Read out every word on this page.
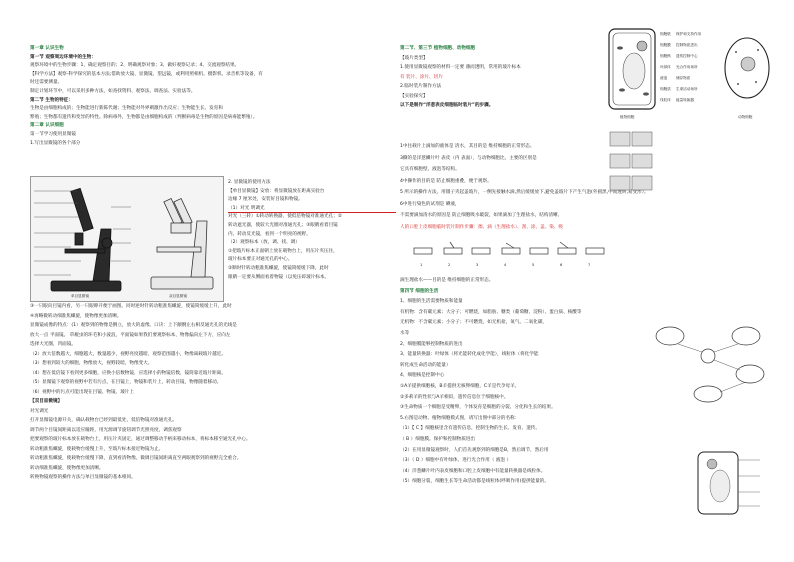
第一章 认识生物
第一节 观察周边环境中的生物：
观察环境中的生物步骤：1、确定观察目的；2、明确观察对象；3、做好观察记录；4、交流观察结果。
【科学方法】观察-科学探究的基本方法;借助放大镜、显微镜、望远镜，或利用照相机、摄影机、录音机等设备，有
时还需要测量。
制定计划环节中，可以采用多种方法，如查找资料、观察法、调查法、实验法等。
第二节 生物的特征：
生物是由细胞构成的；生物能进行新陈代谢；生物能对外界刺激作出反应；生物能生长、发育和
繁殖；生物都有遗传和变异的特性。除病毒外，生物都是由细胞构成的（判断病毒是生物的原因是病毒能繁殖）。
第二章 认识细胞
第一节学习使用显微镜
1.写出显微镜的各个部分
单目显微镜	双目显微镜
2. 显微镜的使用方法
【单目显微镜】安放：将显微镜放在距离实验台
边缘 7 厘米处，安装好目镜和物镜。
（1）对光 明调光
对光（三转）①转动转换器，使低倍物镜对准通光孔；②
转动遮光器，使较大光圈对准通光孔；③眼睛看着目镜
内，转动反光镜，看到一个明亮的视野。
（2）观察标本（放、调、找、调）
①把玻片标本正面朝上放在载物台上，用压片夹压住，
玻片标本要正对通光孔的中心。
②顺时针转动粗准焦螺旋，使镜筒缓缓下降，此时
眼睛一定要从侧面看着物镜（以免压碎玻片标本。
③一只眼向目镜内看，另一只眼睁开便于画图。同时逆时针转动粗准焦螺旋，使镜筒缓缓上升，此时
④再略微转动细准焦螺旋，使物像更加清晰。
显微镜成像的特点：(1）观察到的物像是倒立，放大的虚像。口诀：上下颠倒左右相反通光孔的光线是
放大一点 平面镜。 草履虫的环毛和小波浪，平面镜如果我们要观察标本，物像偏向左下方，应向左
选择大光圈，凹面镜。
（2）放大倍数越大，细胞越大，数量越少，视野亮度越暗，观察范围越小，物像离载玻片越近。
（3）想看到较大的细胞，物像放大，视野较暗，物像变大。
（4）想在低倍镜下看到更多细胞，应换小倍数物镜，应选择小的物镜倍数，镜筒靠近玻片距离。
（5）显微镜下观察的视野中若有污点，在目镜上，物镜和装片上，转动目镜，物像随着移动。
（6）视野中的污点可能出现在目镜、物镜、玻片上
【双目显微镜】
对光调光
打开显微镜电源开关，确认载物台已经到最低处，低倍物镜对准通光孔。
调节两个目镜间距离以适应瞳距，用光源调节旋钮调节光照亮度，调焦观察
把要观察的玻片标本放在载物台上，用压片夹固定，通过调整移动手柄来移动标本，将标本移至通光孔中心。
转动粗准焦螺旋，使载物台缓慢上升，至玻片标本接近物镜为止。
转动粗准焦螺旋，使载物台缓慢下降，直到看清物像。微调目镜间距离直至两眼观察到的视野完全重合。
转动细准焦螺旋，使物像更加清晰。
转换物镜观察的操作方法与单目显微镜的基本相同。
第二节、第三节 植物细胞、动物细胞
【玻片类型】
1.使用显微镜观察的材料一定要 薄而透明，常用的玻片标本
有 装片、涂片、切片
2.临时装片制作方法
【实验探究】
以下是制作“洋葱表皮细胞临时装片”的步骤。
1中往载片上滴加的液体是 清水，其目的是 维持细胞的正常形态。
3撕的是洋葱鳞片叶 表皮（内 表面），与动物细胞比，主要的区别是
它具有细胞壁、液泡等结构。
4中操作的目的是 防止细胞重叠，便于观察。
5 所示的操作方法，用镊子夹起盖玻片，一侧先接触水滴,然后缓缓放下,避免盖玻片下产生气泡(外圆黑,中间透明,易变形）。
6中进行染色的试剂是 碘液，
不需要滴加清水的原因是 防止细胞吸水破裂，如果滴加了生理盐水，结构清晰。
人的口腔上皮细胞临时装片制作步骤：擦、滴（生理盐水）、刮、涂、盖、染、吸
滴生理盐水——目的是 维持细胞的正常形态。
第四节 细胞的生活
1、细胞的生活需要物质和能量
有机物：含有碳元素；大分子；可燃烧，如脂肪、糖类（葡萄糖、淀粉）、蛋白质、核酸等
无机物：不含碳元素；小分子；不可燃烧，如无机盐、氧气、二氧化碳、
水等
2、细胞膜能够控制物质的进出
3、能量转换器：叶绿体（将光能转化成化学能），线粒体（将化学能
转化成生命活动的能量）
4、细胞核是控制中心
①A羊提供细胞核，B羊提供无核卵细胞，C羊是代孕母羊。
②多莉羊的性状与A羊相似，遗传信息位于细胞核中。
③生命物质一个细胞是受精卵，个体发育是细胞的分裂、分化和生长的结果。
5.右图是动物、植物细胞模式图，请写出图中部分的名称：
（1）【 C 】细胞核里含有遗传信息，控制生物的生长、发育、遗传。
（ B ）细胞膜。保护和控制物质进出
（2）在用显微镜观察时，人们首先观察到的细胞是B，然后调节，然后用
（3）（ D ）细胞中有叶绿体，进行光合作用（ 液泡 ）
（4）洋葱鳞片叶内表皮细胞和口腔上皮细胞中有能量转换器是线粒体。
（5）细胞分裂，细胞生长等生命活动都是线粒体(呼吸作用)提供能量的。
植物细胞
细胞壁 保护和支持作用
细胞膜 控制物质进出
细胞核 遗传控制中心
叶绿体 光合作用场所
液泡 储存物质
细胞质 生命活动场所
线粒体 能量转换器
动物细胞
1	2	3	4	5	6	7
